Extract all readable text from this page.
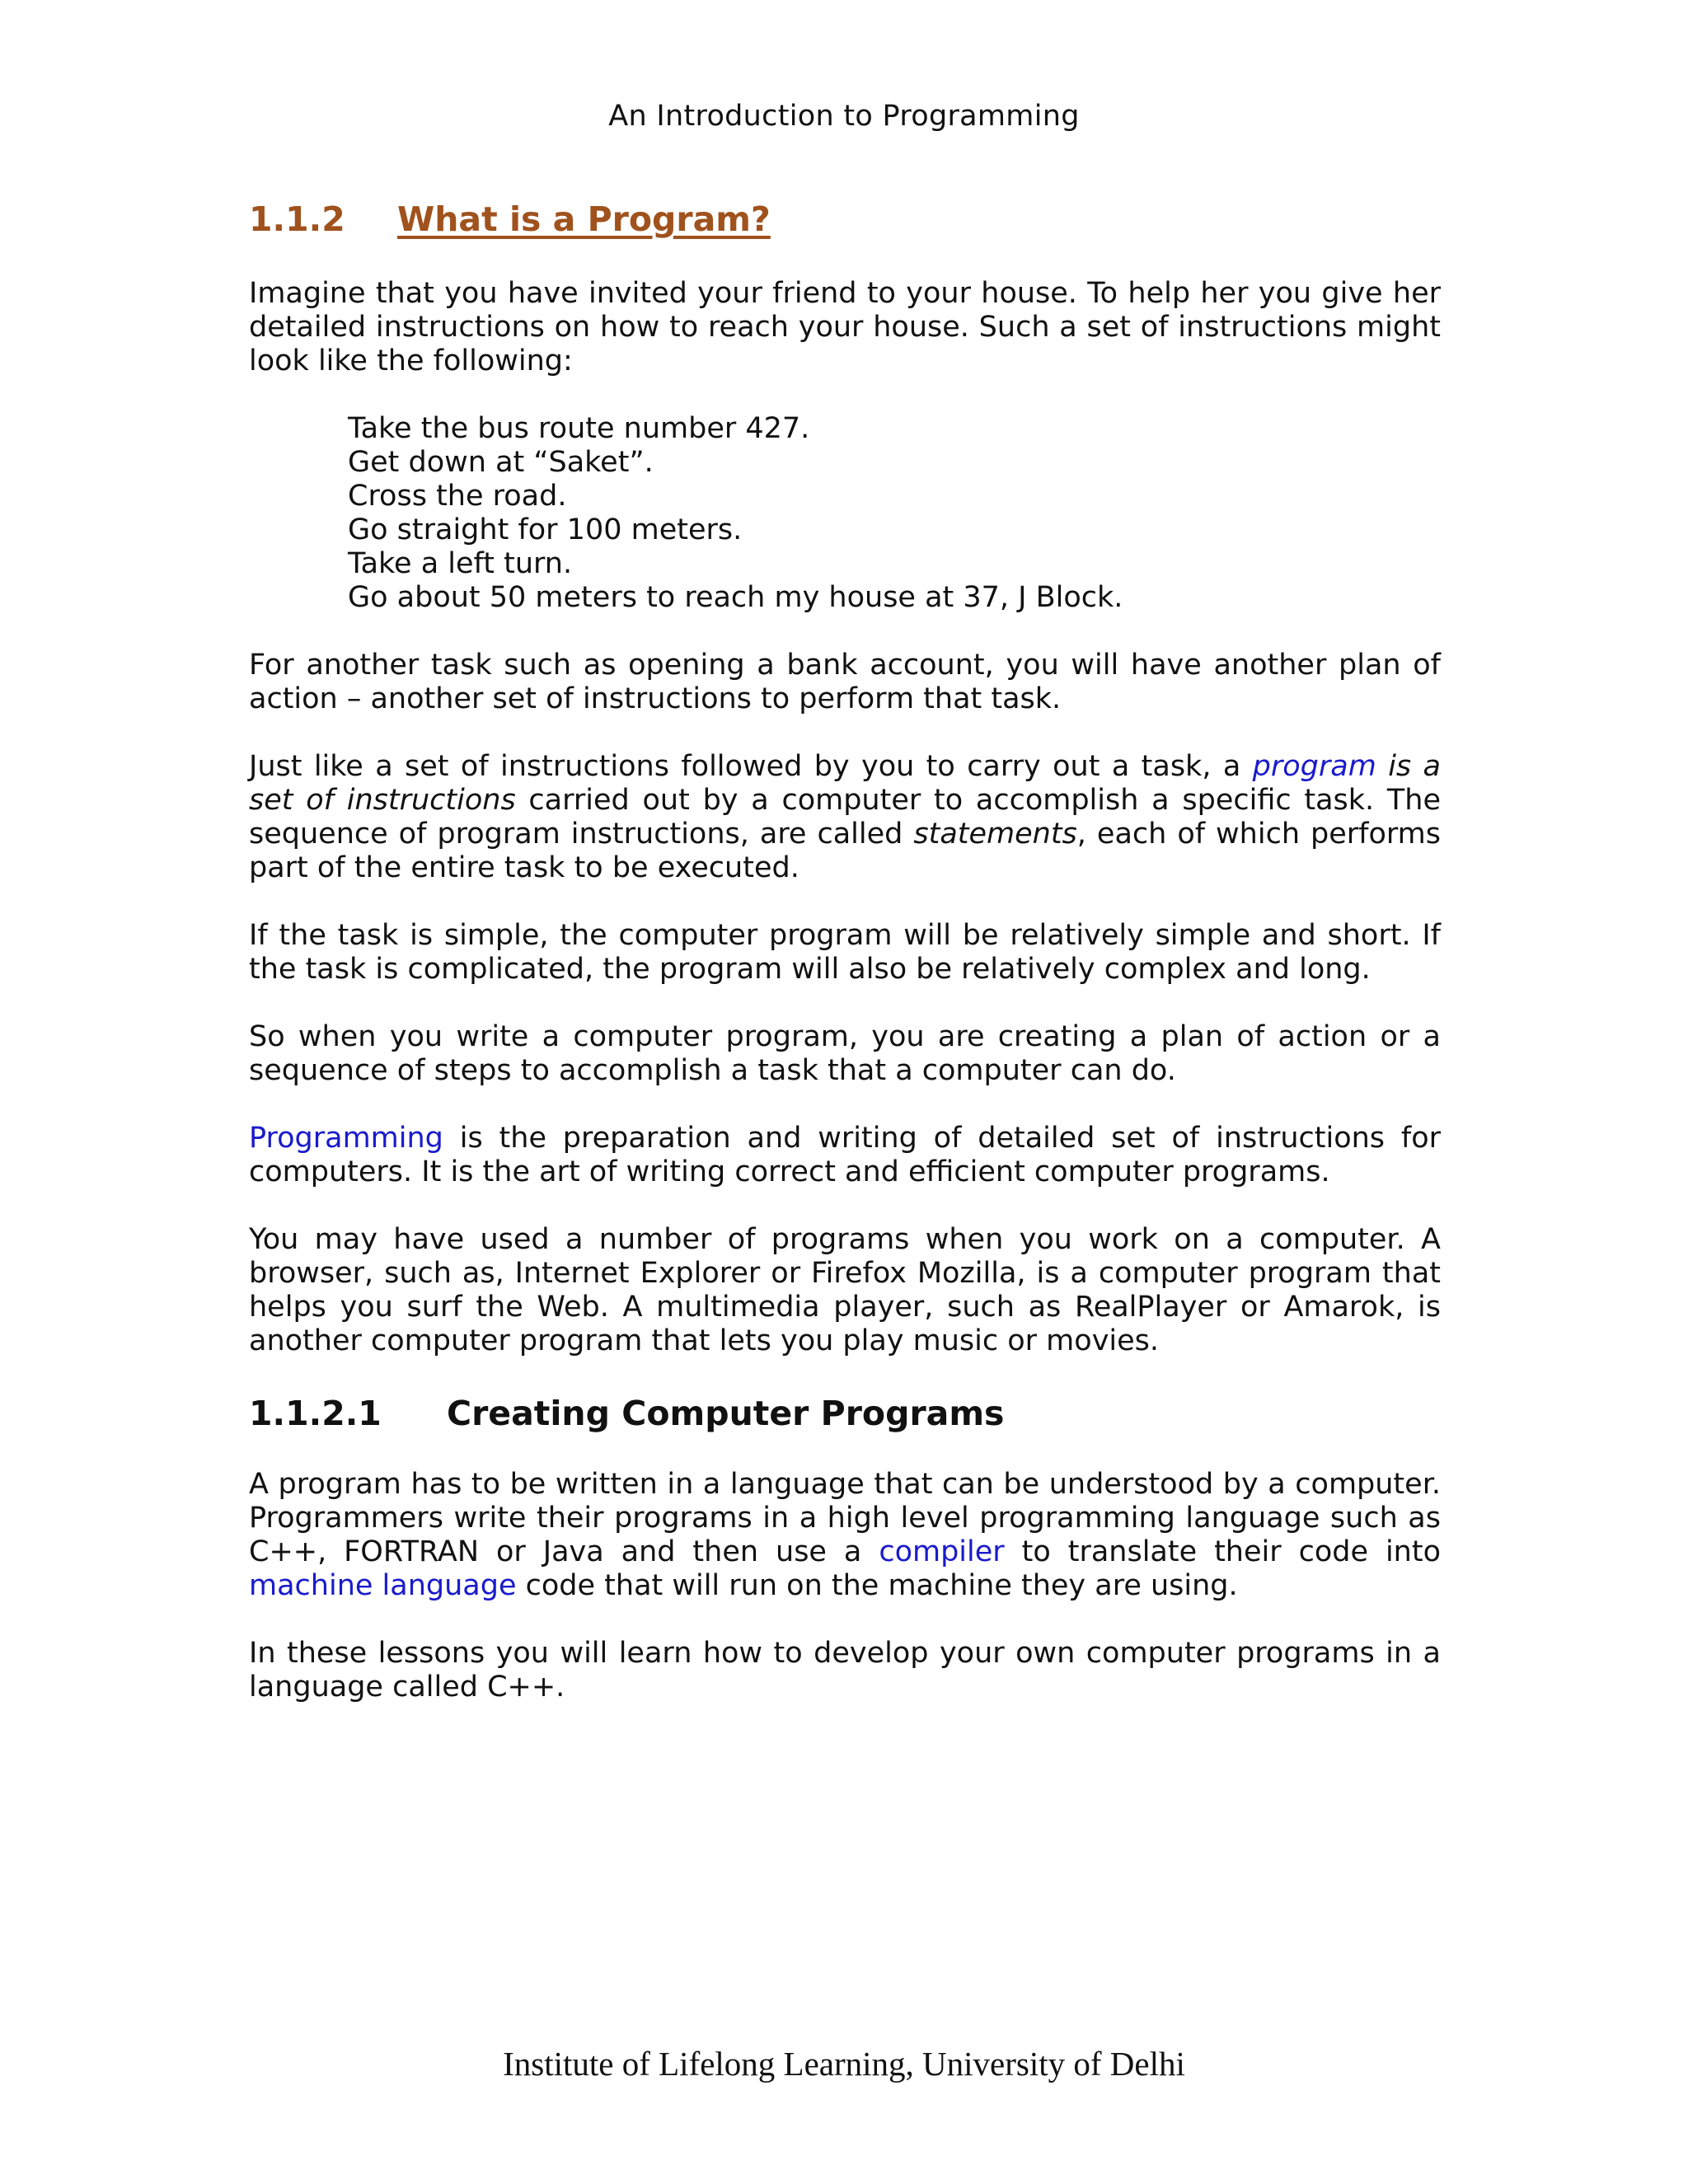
An Introduction to Programming
1.1.2	What is a Program?

Imagine that you have invited your friend to your house. To help her you give her detailed instructions on how to reach your house. Such a set of instructions might look like the following:

Take the bus route number 427.
Get down at “Saket”.
Cross the road.
Go straight for 100 meters.
Take a left turn.
Go about 50 meters to reach my house at 37, J Block.

For another task such as opening a bank account, you will have another plan of action – another set of instructions to perform that task.

Just like a set of instructions followed by you to carry out a task, a program is a set of instructions carried out by a computer to accomplish a specific task. The sequence of program instructions, are called statements, each of which performs part of the entire task to be executed.

If the task is simple, the computer program will be relatively simple and short. If the task is complicated, the program will also be relatively complex and long.

So when you write a computer program, you are creating a plan of action or a sequence of steps to accomplish a task that a computer can do.

Programming is the preparation and writing of detailed set of instructions for computers. It is the art of writing correct and efficient computer programs.

You may have used a number of programs when you work on a computer. A browser, such as, Internet Explorer or Firefox Mozilla, is a computer program that helps you surf the Web. A multimedia player, such as RealPlayer or Amarok, is another computer program that lets you play music or movies.

1.1.2.1	Creating Computer Programs

A program has to be written in a language that can be understood by a computer. Programmers write their programs in a high level programming language such as C++, FORTRAN or Java and then use a compiler to translate their code into machine language code that will run on the machine they are using.

In these lessons you will learn how to develop your own computer programs in a language called C++.

Institute of Lifelong Learning, University of Delhi
